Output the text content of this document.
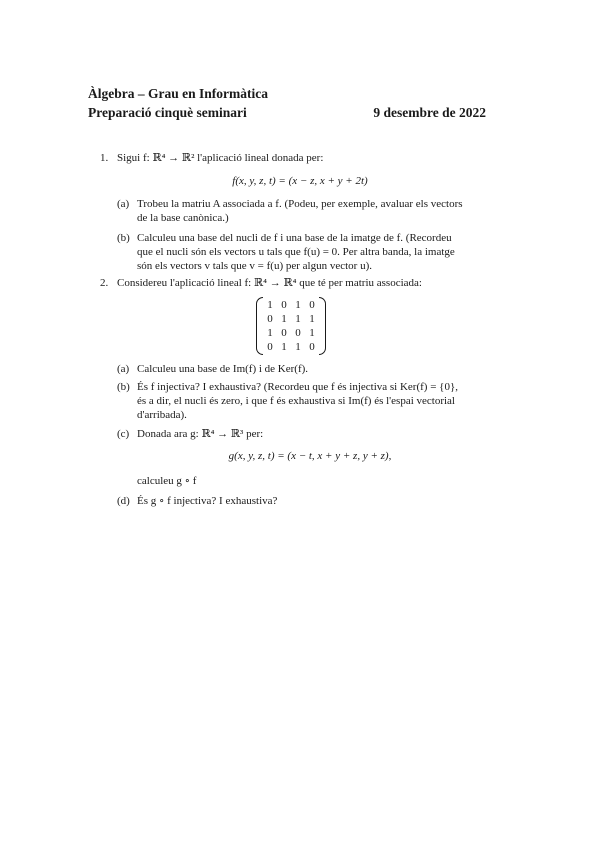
Àlgebra – Grau en Informàtica
Preparació cinquè seminari	9 desembre de 2022
1. Sigui f: ℝ⁴ → ℝ² l'aplicació lineal donada per:
f(x, y, z, t) = (x − z, x + y + 2t)
(a) Trobeu la matriu A associada a f. (Podeu, per exemple, avaluar els vectors
de la base canònica.)
(b) Calculeu una base del nucli de f i una base de la imatge de f. (Recordeu
que el nucli són els vectors u tals que f(u) = 0. Per altra banda, la imatge
són els vectors v tals que v = f(u) per algun vector u).
2. Considereu l'aplicació lineal f: ℝ⁴ → ℝ⁴ que té per matriu associada:
1 0 1 0
0 1 1 1
1 0 0 1
0 1 1 0
(a) Calculeu una base de Im(f) i de Ker(f).
(b) És f injectiva? I exhaustiva? (Recordeu que f és injectiva si Ker(f) = {0},
és a dir, el nucli és zero, i que f és exhaustiva si Im(f) és l'espai vectorial
d'arribada).
(c) Donada ara g: ℝ⁴ → ℝ³ per:
g(x, y, z, t) = (x − t, x + y + z, y + z),
calculeu g ∘ f
(d) És g ∘ f injectiva? I exhaustiva?
